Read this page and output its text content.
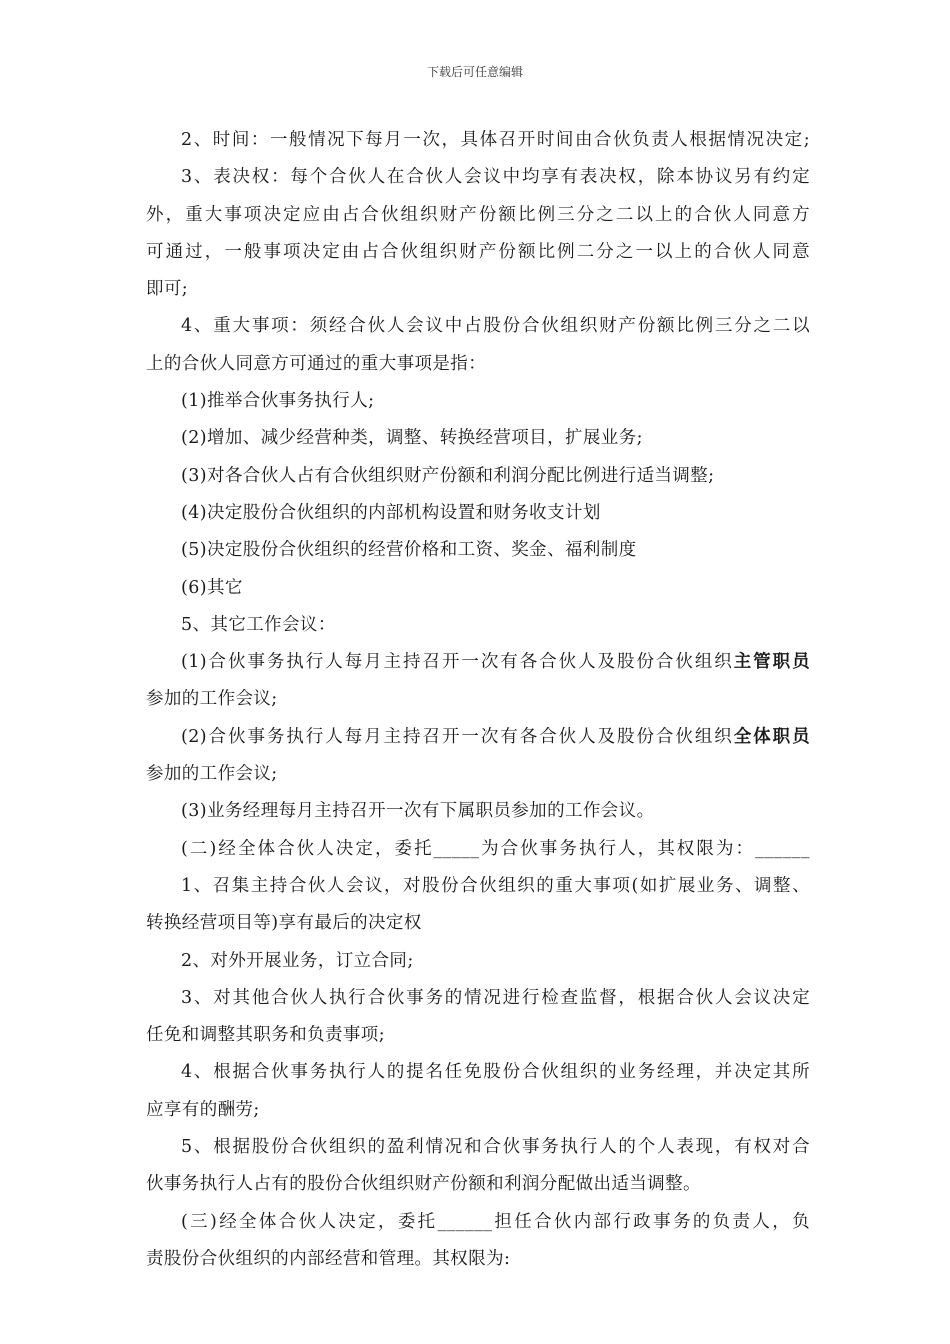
下载后可任意编辑
2、时间：一般情况下每月一次，具体召开时间由合伙负责人根据情况决定;
3、表决权：每个合伙人在合伙人会议中均享有表决权，除本协议另有约定
外，重大事项决定应由占合伙组织财产份额比例三分之二以上的合伙人同意方
可通过，一般事项决定由占合伙组织财产份额比例二分之一以上的合伙人同意
即可;
4、重大事项：须经合伙人会议中占股份合伙组织财产份额比例三分之二以
上的合伙人同意方可通过的重大事项是指：
(1)推举合伙事务执行人;
(2)增加、减少经营种类，调整、转换经营项目，扩展业务;
(3)对各合伙人占有合伙组织财产份额和利润分配比例进行适当调整;
(4)决定股份合伙组织的内部机构设置和财务收支计划
(5)决定股份合伙组织的经营价格和工资、奖金、福利制度
(6)其它
5、其它工作会议：
(1)合伙事务执行人每月主持召开一次有各合伙人及股份合伙组织主管职员
参加的工作会议;
(2)合伙事务执行人每月主持召开一次有各合伙人及股份合伙组织全体职员
参加的工作会议;
(3)业务经理每月主持召开一次有下属职员参加的工作会议。
(二)经全体合伙人决定，委托_____为合伙事务执行人，其权限为：______
1、召集主持合伙人会议，对股份合伙组织的重大事项(如扩展业务、调整、
转换经营项目等)享有最后的决定权
2、对外开展业务，订立合同;
3、对其他合伙人执行合伙事务的情况进行检查监督，根据合伙人会议决定
任免和调整其职务和负责事项;
4、根据合伙事务执行人的提名任免股份合伙组织的业务经理，并决定其所
应享有的酬劳;
5、根据股份合伙组织的盈利情况和合伙事务执行人的个人表现，有权对合
伙事务执行人占有的股份合伙组织财产份额和利润分配做出适当调整。
(三)经全体合伙人决定，委托______担任合伙内部行政事务的负责人，负
责股份合伙组织的内部经营和管理。其权限为:
